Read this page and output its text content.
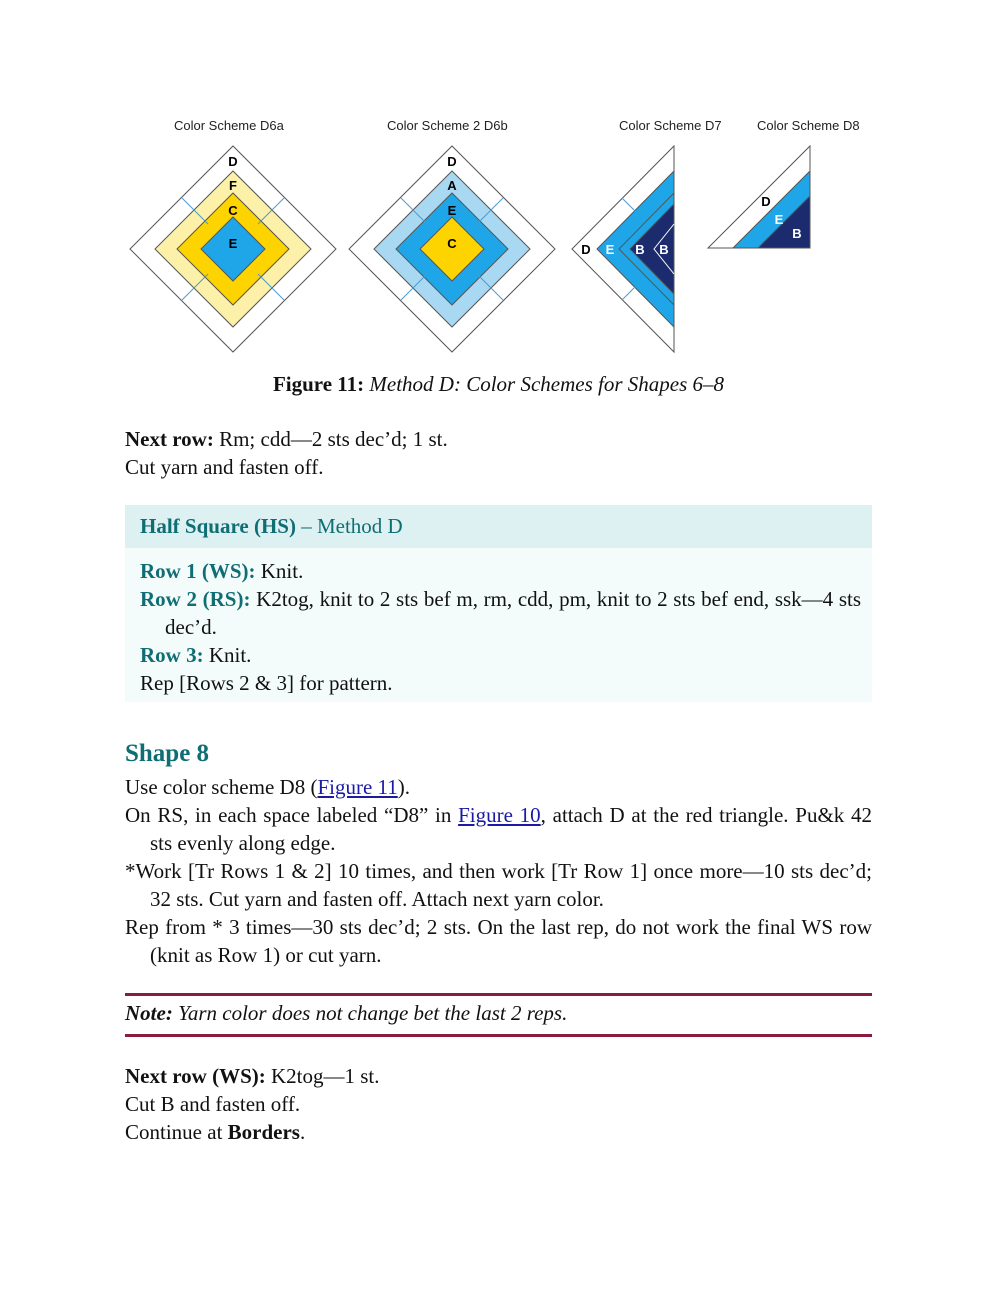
Color Scheme D6a	Color Scheme 2 D6b	Color Scheme D7	Color Scheme D8
D
F
C
E
D
A
E
C	D E B B
D
E
B
Figure 11: Method D: Color Schemes for Shapes 6–8
Next row: Rm; cdd—2 sts dec’d; 1 st.
Cut yarn and fasten off.
Half Square (HS) – Method D
Row 1 (WS): Knit.
Row 2 (RS): K2tog, knit to 2 sts bef m, rm, cdd, pm, knit to 2 sts bef end, ssk—4 sts dec’d.
Row 3: Knit.
Rep [Rows 2 & 3] for pattern.
Shape 8
Use color scheme D8 (Figure 11).
On RS, in each space labeled “D8” in Figure 10, attach D at the red triangle. Pu&k 42 sts evenly along edge.
*Work [Tr Rows 1 & 2] 10 times, and then work [Tr Row 1] once more—10 sts dec’d; 32 sts. Cut yarn and fasten off. Attach next yarn color.
Rep from * 3 times—30 sts dec’d; 2 sts. On the last rep, do not work the final WS row (knit as Row 1) or cut yarn.
Note: Yarn color does not change bet the last 2 reps.
Next row (WS): K2tog—1 st.
Cut B and fasten off.
Continue at Borders.
